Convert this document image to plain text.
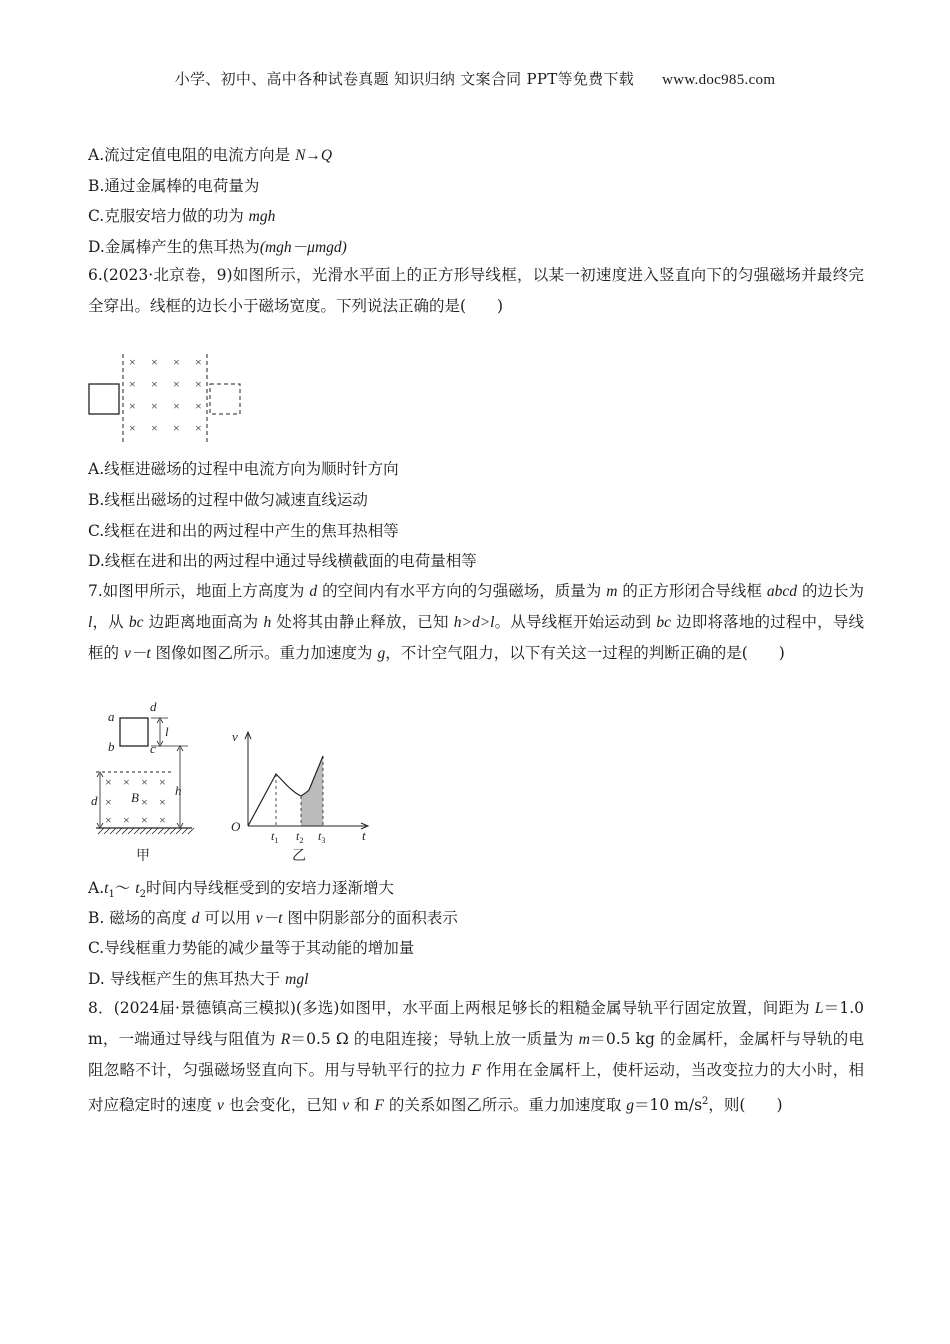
小学、初中、高中各种试卷真题 知识归纳 文案合同 PPT等免费下载 www.doc985.com
A.流过定值电阻的电流方向是 N→Q
B.通过金属棒的电荷量为
C.克服安培力做的功为 mgh
D.金属棒产生的焦耳热为(mgh－μmgd)
6.(2023·北京卷，9)如图所示，光滑水平面上的正方形导线框，以某一初速度进入竖直向下的匀强磁场并最终完全穿出。线框的边长小于磁场宽度。下列说法正确的是(　　)
× × × ×
× × × ×
× × × ×
× × × ×
A.线框进磁场的过程中电流方向为顺时针方向
B.线框出磁场的过程中做匀减速直线运动
C.线框在进和出的两过程中产生的焦耳热相等
D.线框在进和出的两过程中通过导线横截面的电荷量相等
7.如图甲所示，地面上方高度为 d 的空间内有水平方向的匀强磁场，质量为 m 的正方形闭合导线框 abcd 的边长为 l，从 bc 边距离地面高为 h 处将其由静止释放，已知 h>d>l。从导线框开始运动到 bc 边即将落地的过程中，导线框的 v－t 图像如图乙所示。重力加速度为 g，不计空气阻力，以下有关这一过程的判断正确的是(　　)
a
d
b	c
l
h
d
× × × ×
× × ×
× × × ×
B
甲
v
O
t
$t_1$ $t_2$ $t_3$
乙
$A.t_1\sim$ $t_2$时间内导线框受到的安培力逐渐增大
B. 磁场的高度 d 可以用 v－t 图中阴影部分的面积表示
C.导线框重力势能的减少量等于其动能的增加量
D. 导线框产生的焦耳热大于 mgl
8．(2024届·景德镇高三模拟)(多选)如图甲，水平面上两根足够长的粗糙金属导轨平行固定放置，间距为 L＝1.0 m，一端通过导线与阻值为 R＝0.5 Ω 的电阻连接；导轨上放一质量为 m＝0.5 kg 的金属杆，金属杆与导轨的电阻忽略不计，匀强磁场竖直向下。用与导轨平行的拉力 F 作用在金属杆上，使杆运动，当改变拉力的大小时，相对应稳定时的速度 v 也会变化，已知 v 和 F 的关系如图乙所示。重力加速度取 g＝10 $m/s^2$，则(　　)
